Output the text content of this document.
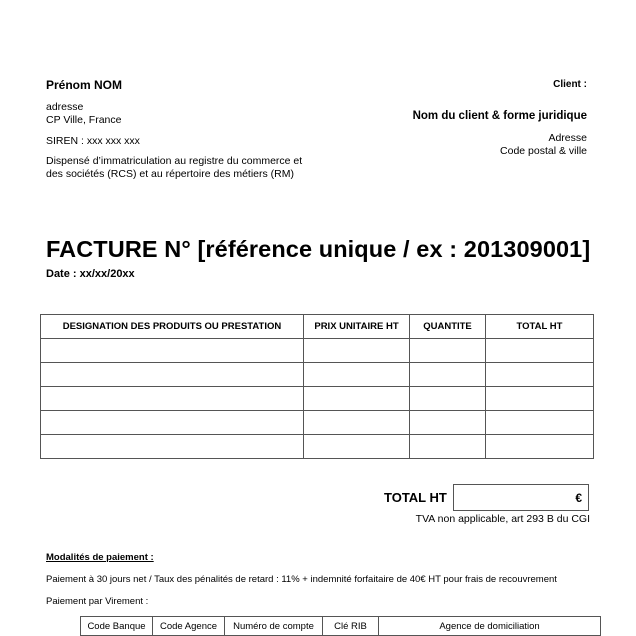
Prénom NOM
adresse
CP Ville, France
SIREN : xxx xxx xxx
Dispensé d’immatriculation au registre du commerce et
des sociétés (RCS) et au répertoire des métiers (RM)
Client :
Nom du client & forme juridique
Adresse
Code postal & ville
FACTURE N° [référence unique / ex : 201309001]
Date : xx/xx/20xx
DESIGNATION DES PRODUITS OU PRESTATION	PRIX UNITAIRE HT	QUANTITE	TOTAL HT

TOTAL HT	€
TVA non applicable, art 293 B du CGI
Modalités de paiement :
Paiement à 30 jours net / Taux des pénalités de retard : 11% + indemnité forfaitaire de 40€ HT pour frais de recouvrement
Paiement par Virement :
Code Banque	Code Agence	Numéro de compte	Clé RIB	Agence de domiciliation
